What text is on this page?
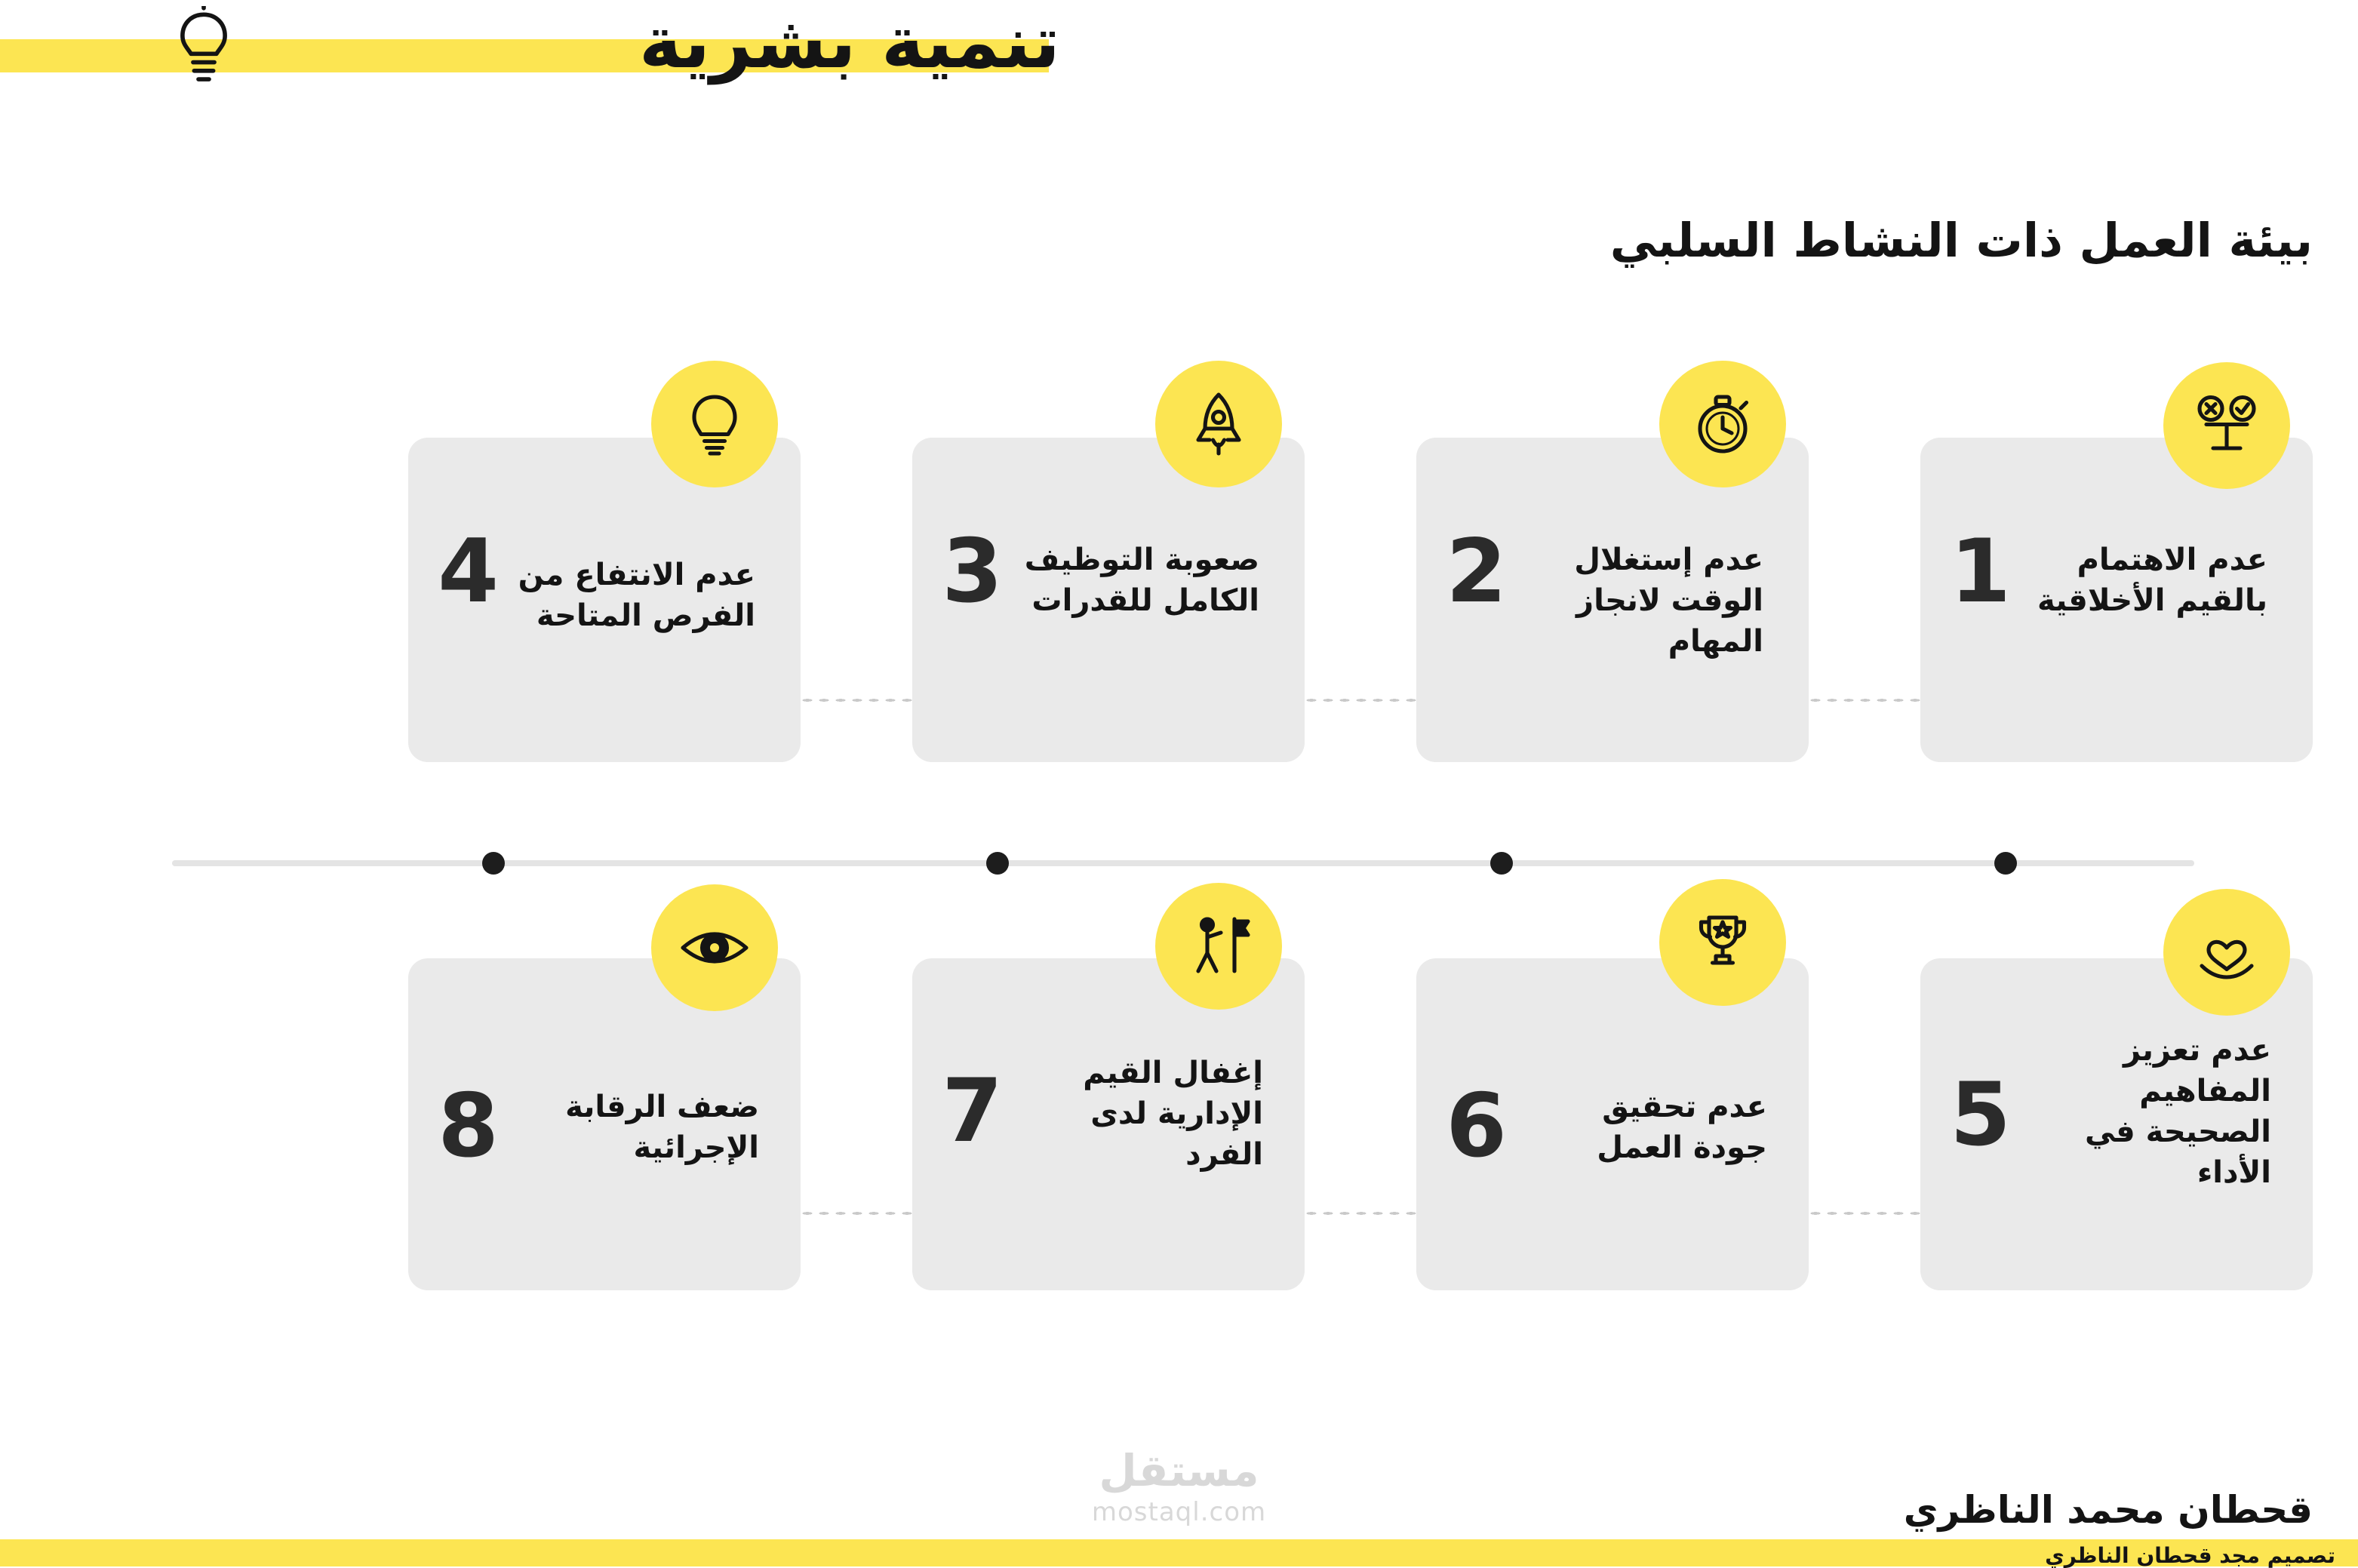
تنمية بشرية
بيئة العمل ذات النشاط السلبي
1	عدم الاهتمام بالقيم الأخلاقية
2	عدم إستغلال الوقت لانجاز المهام
3 صعوبة التوظيف الكامل للقدرات
4 عدم الانتفاع من الفرص المتاحة
5
عدم تعزيز المفاهيم الصحيحة في الأداء
6	عدم تحقيق جودة العمل
7	إغفال القيم الإدارية لدى الفرد
8	ضعف الرقابة الإجرائية
مستقل
mostaql.com	قحطان محمد الناظري
تصميم مجد قحطان الناظري
